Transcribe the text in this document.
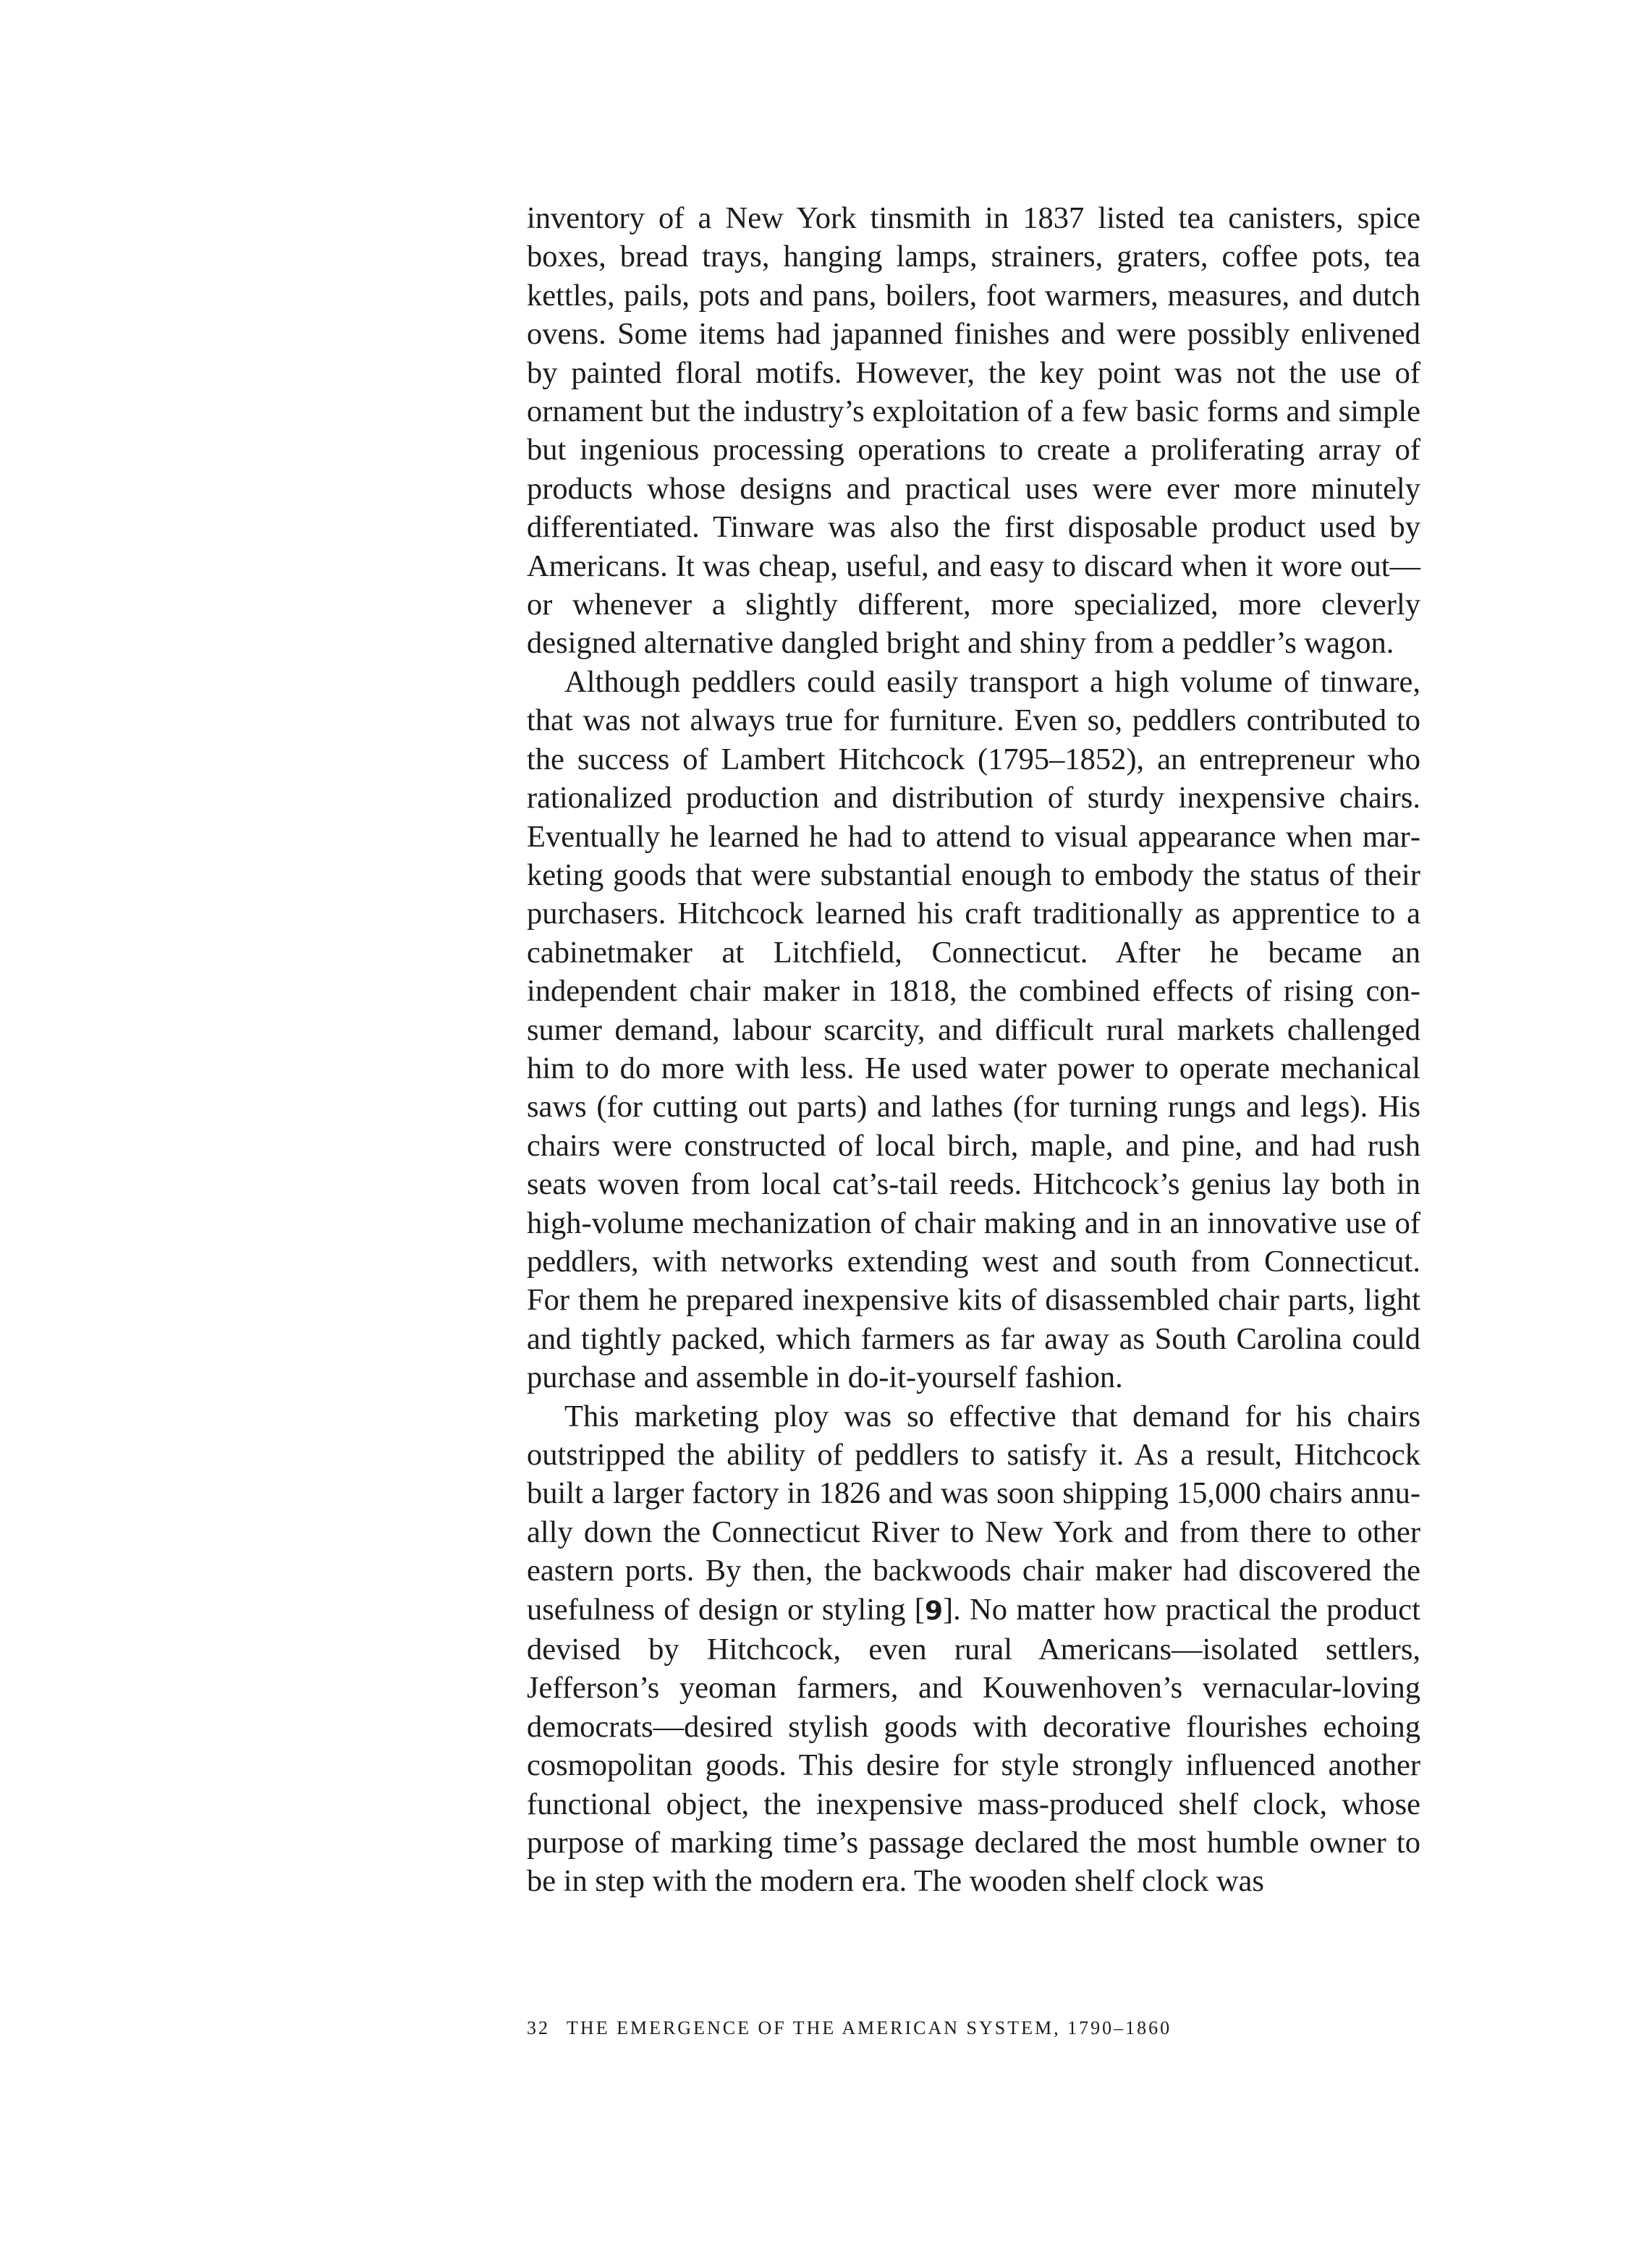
inventory of a New York tinsmith in 1837 listed tea canisters, spice boxes, bread trays, hanging lamps, strainers, graters, coffee pots, tea kettles, pails, pots and pans, boilers, foot warmers, measures, and dutch ovens. Some items had japanned finishes and were possibly enlivened by painted floral motifs. However, the key point was not the use of ornament but the industry’s exploitation of a few basic forms and simple but ingenious processing operations to create a proliferating array of products whose designs and practical uses were ever more minutely differentiated. Tinware was also the first disposable product used by Americans. It was cheap, useful, and easy to discard when it wore out—or whenever a slightly different, more specialized, more cleverly designed alternative dangled bright and shiny from a peddler’s wagon.

Although peddlers could easily transport a high volume of tinware, that was not always true for furniture. Even so, peddlers contributed to the success of Lambert Hitchcock (1795–1852), an entrepreneur who rationalized production and distribution of sturdy inexpensive chairs. Eventually he learned he had to attend to visual appearance when marketing goods that were substantial enough to embody the status of their purchasers. Hitchcock learned his craft traditionally as apprentice to a cabinetmaker at Litchfield, Connecticut. After he became an independent chair maker in 1818, the combined effects of rising consumer demand, labour scarcity, and difficult rural markets challenged him to do more with less. He used water power to operate mechanical saws (for cutting out parts) and lathes (for turning rungs and legs). His chairs were constructed of local birch, maple, and pine, and had rush seats woven from local cat’s-tail reeds. Hitchcock’s genius lay both in high-volume mechanization of chair making and in an innovative use of peddlers, with networks extending west and south from Connecticut. For them he prepared inexpensive kits of disassembled chair parts, light and tightly packed, which farmers as far away as South Carolina could purchase and assemble in do-it-yourself fashion.

This marketing ploy was so effective that demand for his chairs outstripped the ability of peddlers to satisfy it. As a result, Hitchcock built a larger factory in 1826 and was soon shipping 15,000 chairs annually down the Connecticut River to New York and from there to other eastern ports. By then, the backwoods chair maker had discovered the usefulness of design or styling [9]. No matter how practical the product devised by Hitchcock, even rural Americans—isolated settlers, Jefferson’s yeoman farmers, and Kouwenhoven’s vernacular-loving democrats—desired stylish goods with decorative flourishes echoing cosmopolitan goods. This desire for style strongly influenced another functional object, the inexpensive mass-produced shelf clock, whose purpose of marking time’s passage declared the most humble owner to be in step with the modern era. The wooden shelf clock was

32 THE EMERGENCE OF THE AMERICAN SYSTEM, 1790–1860
